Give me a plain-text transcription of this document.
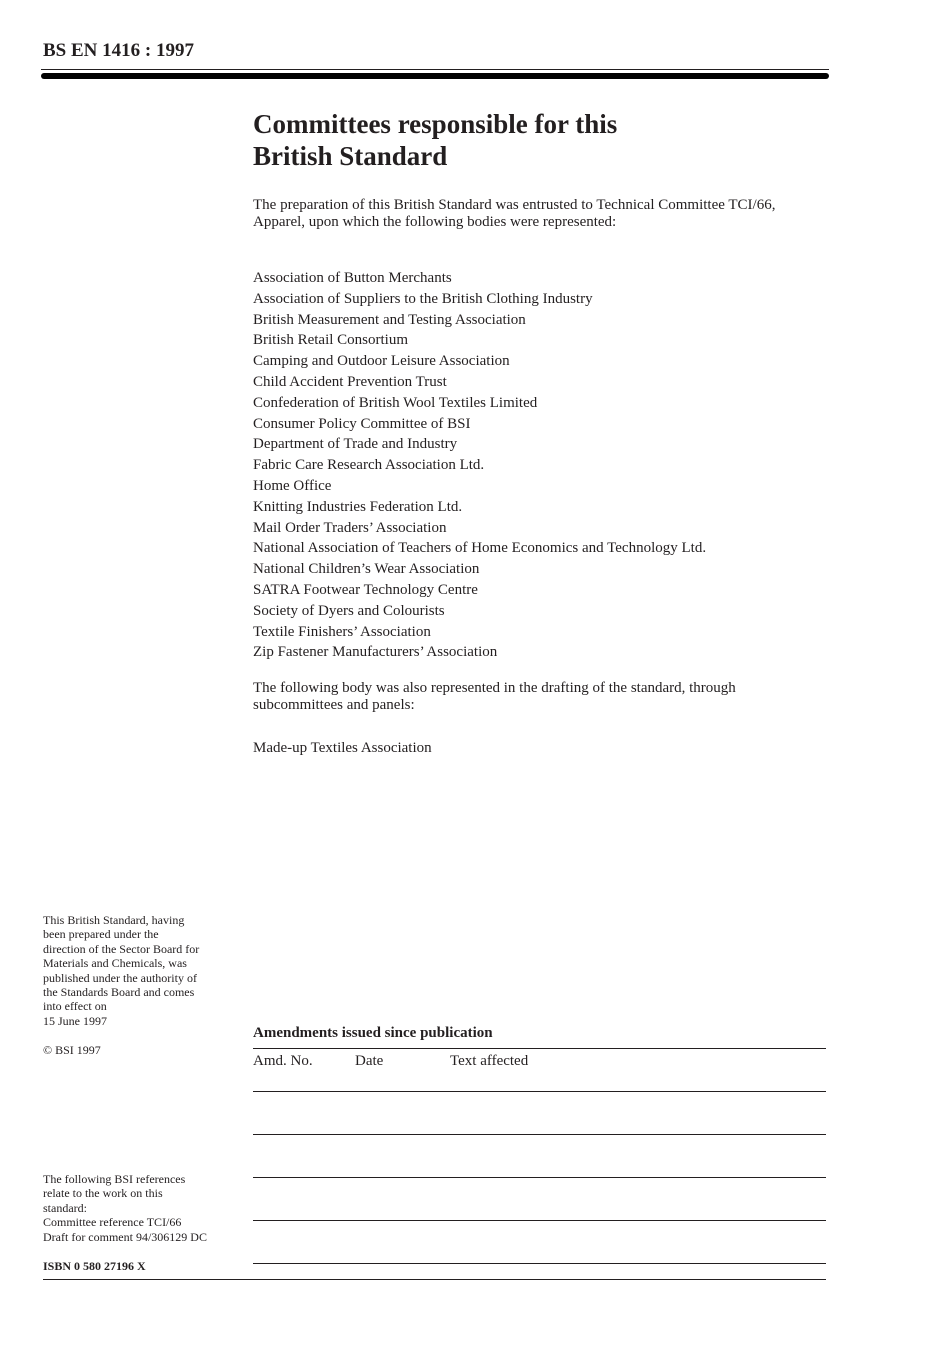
BS EN 1416 : 1997
Committees responsible for this
British Standard

The preparation of this British Standard was entrusted to Technical Committee TCI/66, Apparel, upon which the following bodies were represented:

Association of Button Merchants
Association of Suppliers to the British Clothing Industry
British Measurement and Testing Association
British Retail Consortium
Camping and Outdoor Leisure Association
Child Accident Prevention Trust
Confederation of British Wool Textiles Limited
Consumer Policy Committee of BSI
Department of Trade and Industry
Fabric Care Research Association Ltd.
Home Office
Knitting Industries Federation Ltd.
Mail Order Traders’ Association
National Association of Teachers of Home Economics and Technology Ltd.
National Children’s Wear Association
SATRA Footwear Technology Centre
Society of Dyers and Colourists
Textile Finishers’ Association
Zip Fastener Manufacturers’ Association

The following body was also represented in the drafting of the standard, through subcommittees and panels:

Made-up Textiles Association

This British Standard, having
been prepared under the
direction of the Sector Board for
Materials and Chemicals, was
published under the authority of
the Standards Board and comes
into effect on
15 June 1997

© BSI 1997

The following BSI references
relate to the work on this
standard:
Committee reference TCI/66
Draft for comment 94/306129 DC

ISBN 0 580 27196 X
Amendments issued since publication
Amd. No.	Date	Text affected
